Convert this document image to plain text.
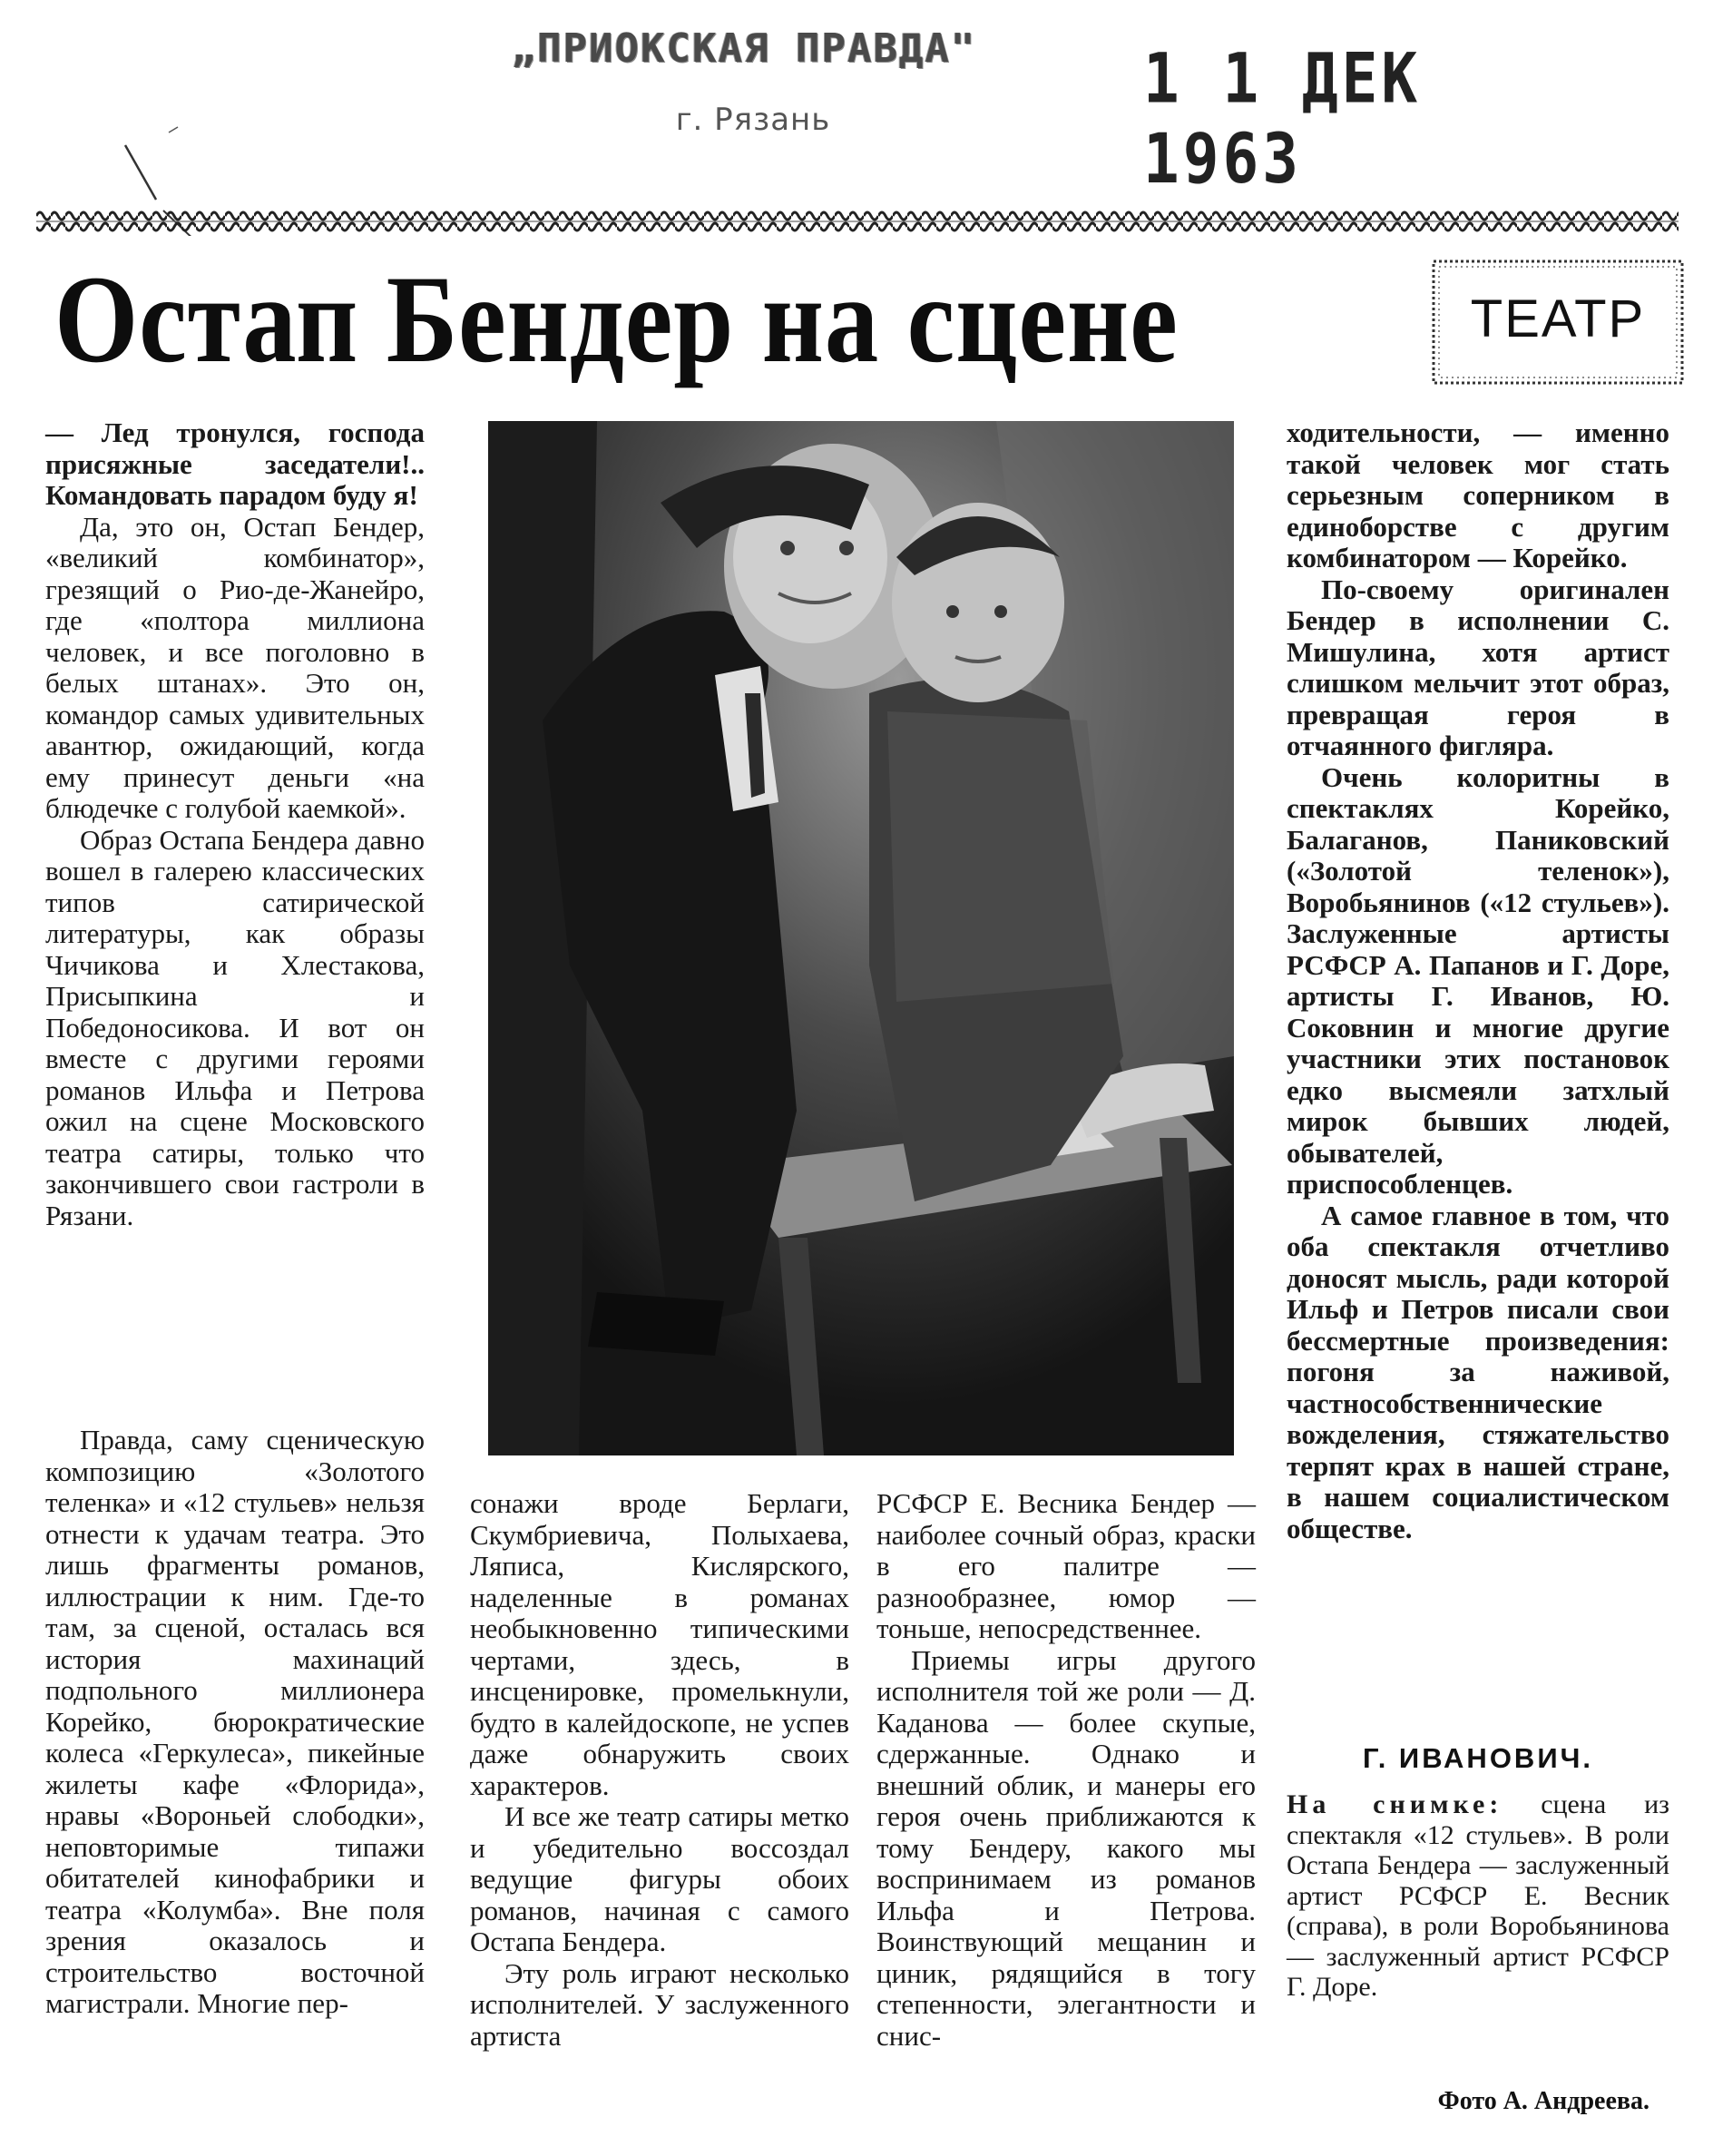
„ПРИОКСКАЯ ПРАВДА"
г. Рязань
1 1 ДЕК 1963
Остап Бендер на сцене	ТЕАТР

— Лед тронулся, господа присяжные заседатели!.. Командовать парадом буду я!

Да, это он, Остап Бендер, «великий комбинатор», грезящий о Рио-де-Жанейро, где «полтора миллиона человек, и все поголовно в белых штанах». Это он, командор самых удивительных авантюр, ожидающий, когда ему принесут деньги «на блюдечке с голубой каемкой».

Образ Остапа Бендера давно вошел в галерею классических типов сатирической литературы, как образы Чичикова и Хлестакова, Присыпкина и Победоносикова. И вот он вместе с другими героями романов Ильфа и Петрова ожил на сцене Московского театра сатиры, только что закончившего свои гастроли в Рязани.

Правда, саму сценическую композицию «Золотого теленка» и «12 стульев» нельзя отнести к удачам театра. Это лишь фрагменты романов, иллюстрации к ним. Где-то там, за сценой, осталась вся история махинаций подпольного миллионера Корейко, бюрократические колеса «Геркулеса», пикейные жилеты кафе «Флорида», нравы «Вороньей слободки», неповторимые типажи обитателей кинофабрики и театра «Колумба». Вне поля зрения оказалось и строительство восточной магистрали. Многие пер-

сонажи вроде Берлаги, Скумбриевича, Полыхаева, Ляписа, Кислярского, наделенные в романах необыкновенно типическими чертами, здесь, в инсценировке, промелькнули, будто в калейдоскопе, не успев даже обнаружить своих характеров.

И все же театр сатиры метко и убедительно воссоздал ведущие фигуры обоих романов, начиная с самого Остапа Бендера.

Эту роль играют несколько исполнителей. У заслуженного артиста

РСФСР Е. Весника Бендер — наиболее сочный образ, краски в его палитре — разнообразнее, юмор — тоньше, непосредственнее.

Приемы игры другого исполнителя той же роли — Д. Каданова — более скупые, сдержанные. Однако и внешний облик, и манеры его героя очень приближаются к тому Бендеру, какого мы воспринимаем из романов Ильфа и Петрова. Воинствующий мещанин и циник, рядящийся в тогу степенности, элегантности и снис-

ходительности, — именно такой человек мог стать серьезным соперником в единоборстве с другим комбинатором — Корейко.

По-своему оригинален Бендер в исполнении С. Мишулина, хотя артист слишком мельчит этот образ, превращая героя в отчаянного фигляра.

Очень колоритны в спектаклях Корейко, Балаганов, Паниковский («Золотой теленок»), Воробьянинов («12 стульев»). Заслуженные артисты РСФСР А. Папанов и Г. Доре, артисты Г. Иванов, Ю. Соковнин и многие другие участники этих постановок едко высмеяли затхлый мирок бывших людей, обывателей, приспособленцев.

А самое главное в том, что оба спектакля отчетливо доносят мысль, ради которой Ильф и Петров писали свои бессмертные произведения: погоня за наживой, частнособственнические вожделения, стяжательство терпят крах в нашей стране, в нашем социалистическом обществе.

Г. ИВАНОВИЧ.
На снимке: сцена из спектакля «12 стульев». В роли Остапа Бендера — заслуженный артист РСФСР Е. Весник (справа), в роли Воробьянинова — заслуженный артист РСФСР Г. Доре.
Фото А. Андреева.
